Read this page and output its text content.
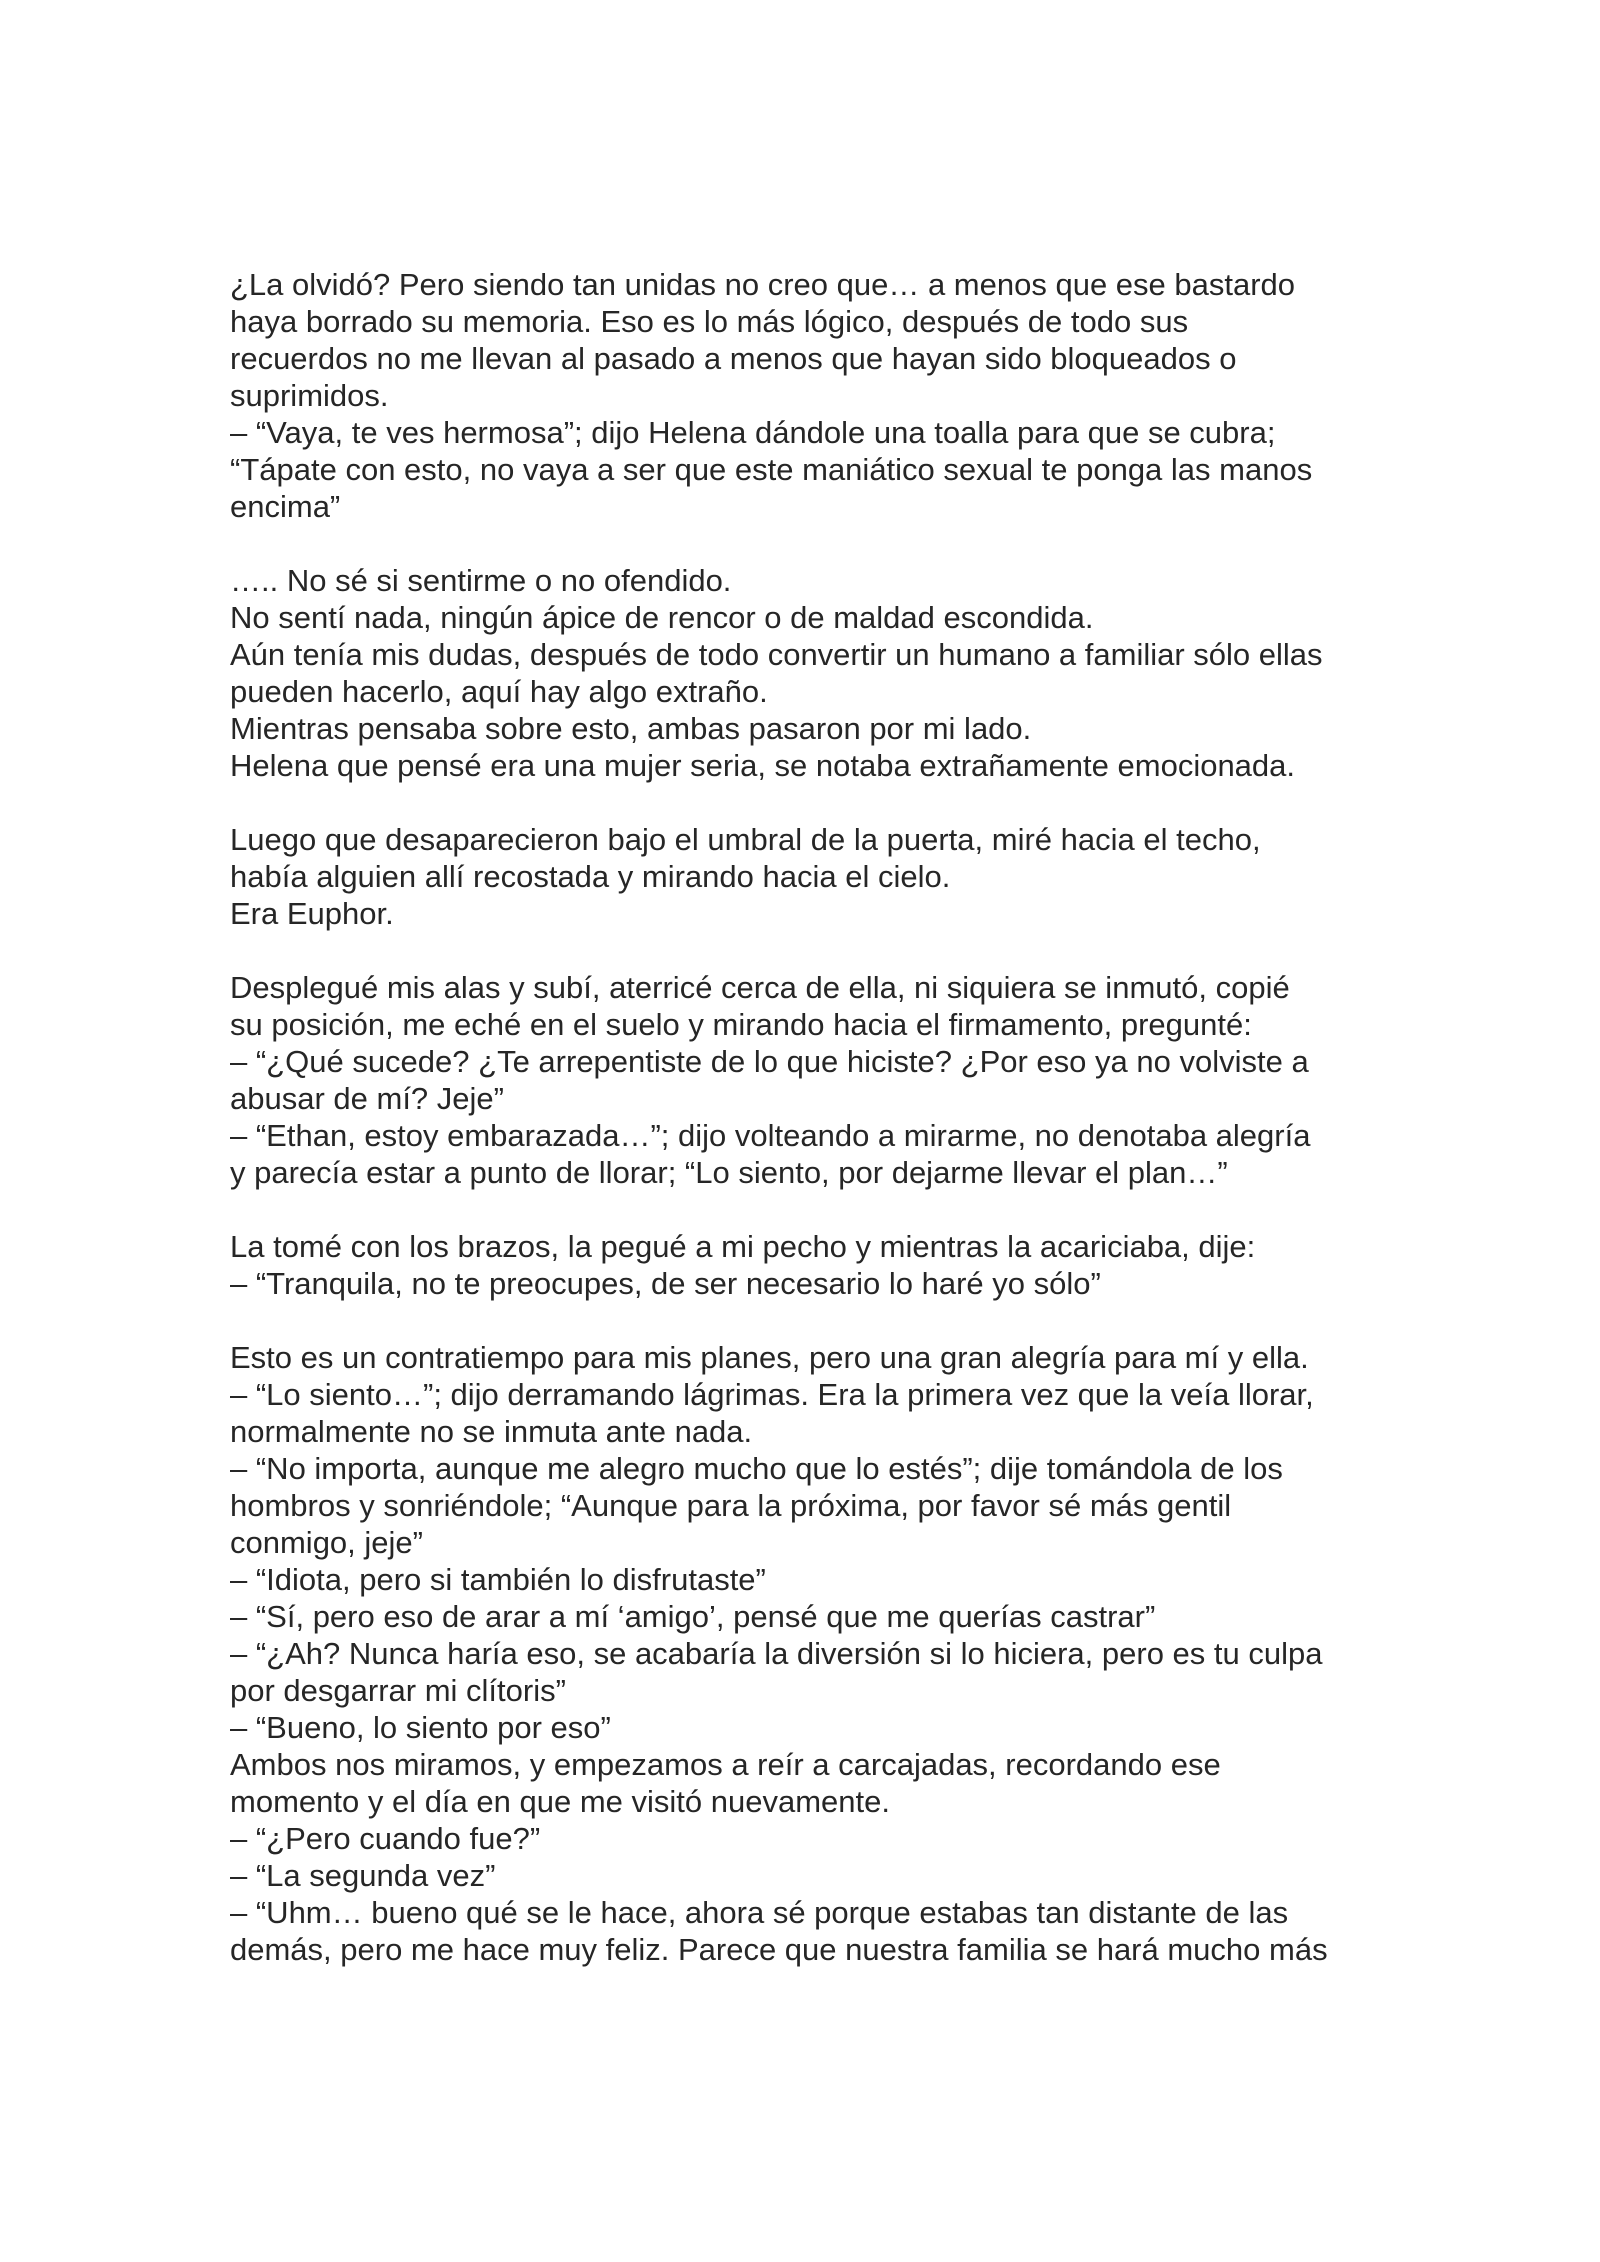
¿La olvidó? Pero siendo tan unidas no creo que… a menos que ese bastardo
haya borrado su memoria. Eso es lo más lógico, después de todo sus
recuerdos no me llevan al pasado a menos que hayan sido bloqueados o
suprimidos.
– “Vaya, te ves hermosa”; dijo Helena dándole una toalla para que se cubra;
“Tápate con esto, no vaya a ser que este maniático sexual te ponga las manos
encima”
….. No sé si sentirme o no ofendido.
No sentí nada, ningún ápice de rencor o de maldad escondida.
Aún tenía mis dudas, después de todo convertir un humano a familiar sólo ellas
pueden hacerlo, aquí hay algo extraño.
Mientras pensaba sobre esto, ambas pasaron por mi lado.
Helena que pensé era una mujer seria, se notaba extrañamente emocionada.
Luego que desaparecieron bajo el umbral de la puerta, miré hacia el techo,
había alguien allí recostada y mirando hacia el cielo.
Era Euphor.
Desplegué mis alas y subí, aterricé cerca de ella, ni siquiera se inmutó, copié
su posición, me eché en el suelo y mirando hacia el firmamento, pregunté:
– “¿Qué sucede? ¿Te arrepentiste de lo que hiciste? ¿Por eso ya no volviste a
abusar de mí? Jeje”
– “Ethan, estoy embarazada…”; dijo volteando a mirarme, no denotaba alegría
y parecía estar a punto de llorar; “Lo siento, por dejarme llevar el plan…”
La tomé con los brazos, la pegué a mi pecho y mientras la acariciaba, dije:
– “Tranquila, no te preocupes, de ser necesario lo haré yo sólo”
Esto es un contratiempo para mis planes, pero una gran alegría para mí y ella.
– “Lo siento…”; dijo derramando lágrimas. Era la primera vez que la veía llorar,
normalmente no se inmuta ante nada.
– “No importa, aunque me alegro mucho que lo estés”; dije tomándola de los
hombros y sonriéndole; “Aunque para la próxima, por favor sé más gentil
conmigo, jeje”
– “Idiota, pero si también lo disfrutaste”
– “Sí, pero eso de arar a mí ‘amigo’, pensé que me querías castrar”
– “¿Ah? Nunca haría eso, se acabaría la diversión si lo hiciera, pero es tu culpa
por desgarrar mi clítoris”
– “Bueno, lo siento por eso”
Ambos nos miramos, y empezamos a reír a carcajadas, recordando ese
momento y el día en que me visitó nuevamente.
– “¿Pero cuando fue?”
– “La segunda vez”
– “Uhm… bueno qué se le hace, ahora sé porque estabas tan distante de las
demás, pero me hace muy feliz. Parece que nuestra familia se hará mucho más
